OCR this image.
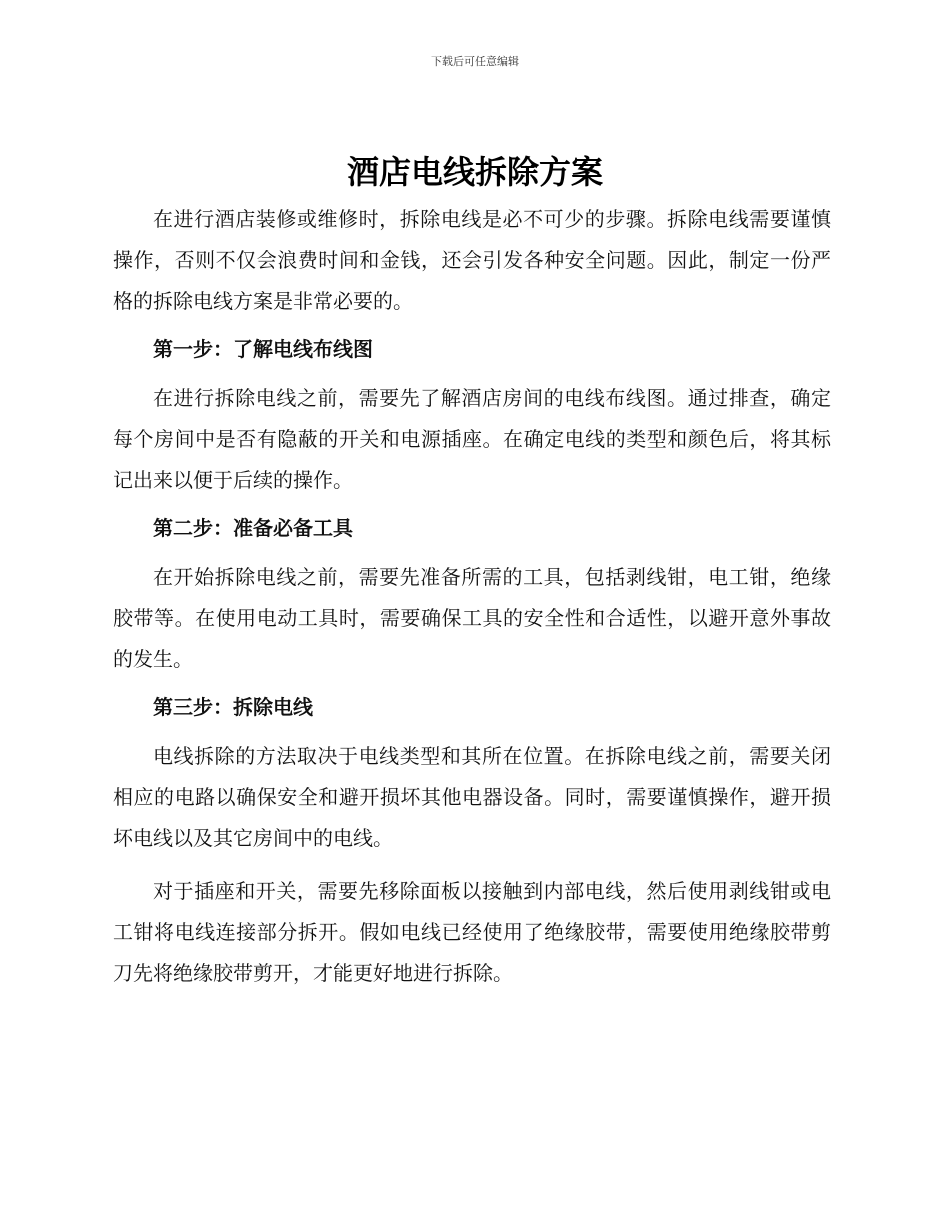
下载后可任意编辑
酒店电线拆除方案

在进行酒店装修或维修时，拆除电线是必不可少的步骤。拆除电线需要谨慎操作，否则不仅会浪费时间和金钱，还会引发各种安全问题。因此，制定一份严格的拆除电线方案是非常必要的。

第一步：了解电线布线图

在进行拆除电线之前，需要先了解酒店房间的电线布线图。通过排查，确定每个房间中是否有隐蔽的开关和电源插座。在确定电线的类型和颜色后，将其标记出来以便于后续的操作。

第二步：准备必备工具

在开始拆除电线之前，需要先准备所需的工具，包括剥线钳，电工钳，绝缘胶带等。在使用电动工具时，需要确保工具的安全性和合适性，以避开意外事故的发生。

第三步：拆除电线

电线拆除的方法取决于电线类型和其所在位置。在拆除电线之前，需要关闭相应的电路以确保安全和避开损坏其他电器设备。同时，需要谨慎操作，避开损坏电线以及其它房间中的电线。

对于插座和开关，需要先移除面板以接触到内部电线，然后使用剥线钳或电工钳将电线连接部分拆开。假如电线已经使用了绝缘胶带，需要使用绝缘胶带剪刀先将绝缘胶带剪开，才能更好地进行拆除。
